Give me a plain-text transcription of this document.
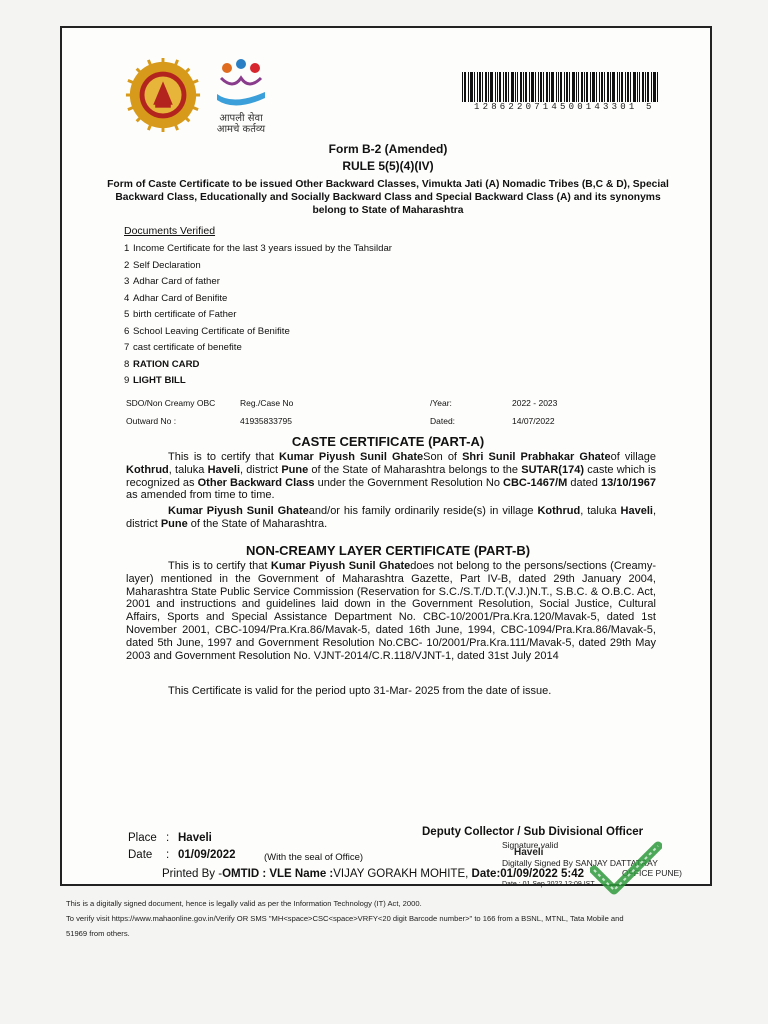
आपली सेवा
आमचे कर्तव्य
1286220714500143301 5
Form B-2 (Amended)
RULE 5(5)(4)(IV)
Form of Caste Certificate to be issued Other Backward Classes, Vimukta Jati (A) Nomadic Tribes (B,C & D), Special Backward Class, Educationally and Socially Backward Class and Special Backward Class (A) and its synonyms belong to State of Maharashtra
Documents Verified
1 Income Certificate for the last 3 years issued by the Tahsildar
2 Self Declaration
3 Adhar Card of father
4 Adhar Card of Benifite
5 birth certificate of Father
6 School Leaving Certificate of Benifite
7 cast certificate of benefite
8 RATION CARD
9 LIGHT BILL
SDO/Non Creamy OBC	Reg./Case No	/Year:	2022 - 2023
Outward No :	41935833795	Dated:	14/07/2022
CASTE CERTIFICATE (PART-A)

This is to certify that Kumar Piyush Sunil GhateSon of Shri Sunil Prabhakar Ghateof village Kothrud, taluka Haveli, district Pune of the State of Maharashtra belongs to the SUTAR(174) caste which is recognized as Other Backward Class under the Government Resolution No CBC-1467/M dated 13/10/1967 as amended from time to time.

Kumar Piyush Sunil Ghateand/or his family ordinarily reside(s) in village Kothrud, taluka Haveli, district Pune of the State of Maharashtra.

NON-CREAMY LAYER CERTIFICATE (PART-B)

This is to certify that Kumar Piyush Sunil Ghatedoes not belong to the persons/sections (Creamy-layer) mentioned in the Government of Maharashtra Gazette, Part IV-B, dated 29th January 2004, Maharashtra State Public Service Commission (Reservation for S.C./S.T./D.T.(V.J.)N.T., S.B.C. & O.B.C. Act, 2001 and instructions and guidelines laid down in the Government Resolution, Social Justice, Cultural Affairs, Sports and Special Assistance Department No. CBC-10/2001/Pra.Kra.120/Mavak-5, dated 1st November 2001, CBC-1094/Pra.Kra.86/Mavak-5, dated 16th June, 1994, CBC-1094/Pra.Kra.86/Mavak-5, dated 5th June, 1997 and Government Resolution No.CBC- 10/2001/Pra.Kra.111/Mavak-5, dated 29th May 2003 and Government Resolution No. VJNT-2014/C.R.118/VJNT-1, dated 31st July 2014

This Certificate is valid for the period upto 31-Mar- 2025 from the date of issue.
Place : Haveli
Date : 01/09/2022	(With the seal of Office)
Deputy Collector / Sub Divisional Officer
Signature valid
Haveli
Digitally Signed By SANJAY DATTATRAY
OFFICE PUNE)
Date : 01 Sep 2022 12:09 IST
Printed By -OMTID : VLE Name :VIJAY GORAKH MOHITE, Date:01/09/2022 5:42
This is a digitally signed document, hence is legally valid as per the Information Technology (IT) Act, 2000.
To verify visit https://www.mahaonline.gov.in/Verify OR SMS "MH<space>CSC<space>VRFY<20 digit Barcode number>" to 166 from a BSNL, MTNL, Tata Mobile and
51969 from others.
